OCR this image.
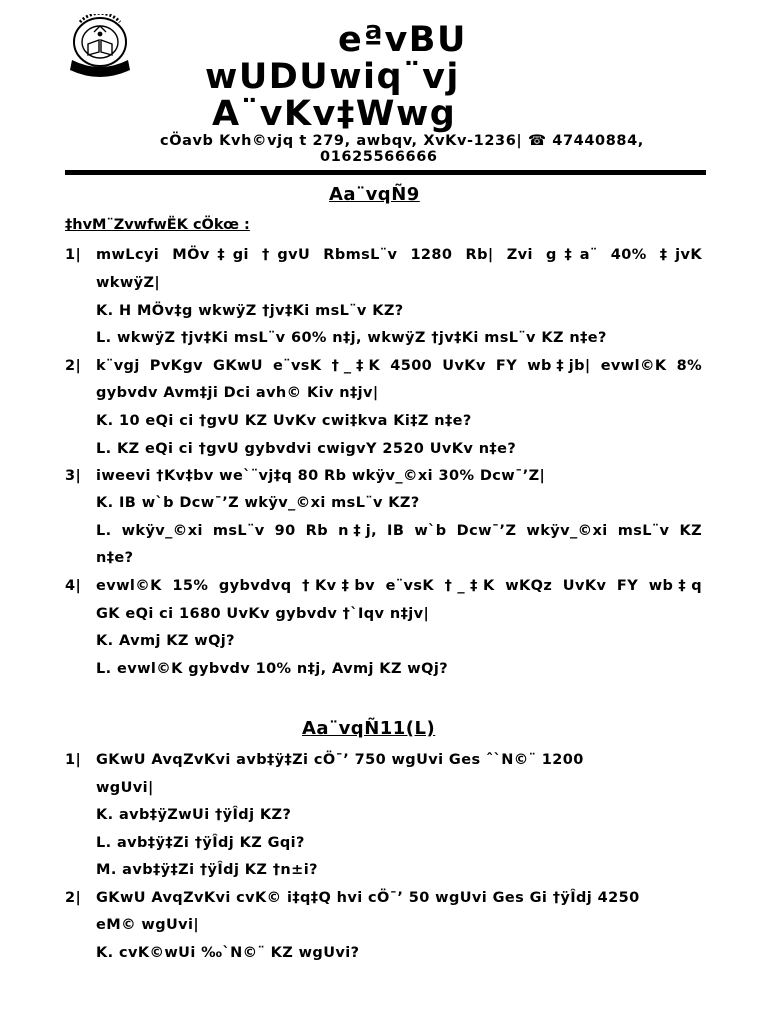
eªvBU
wUDUwiq¨vj
A¨vKv‡Wwg
cÖavb Kvh©vjq t 279, awbqv, XvKv-1236| ☎ 47440884,
01625566666
Aa¨vqÑ9
‡hvM¨ZvwfwËK cÖkœ :
1| mwLcyi MÖv‡gi †gvU RbmsL¨v 1280 Rb| Zvi g‡a¨ 40% ‡jvK
wkwÿZ|
K. H MÖv‡g wkwÿZ †jv‡Ki msL¨v KZ?
L. wkwÿZ †jv‡Ki msL¨v 60% n‡j, wkwÿZ †jv‡Ki msL¨v KZ n‡e?
2| k¨vgj PvKgv GKwU e¨vsK †_‡K 4500 UvKv FY wb‡jb| evwl©K 8%
gybvdv Avm‡ji Dci avh© Kiv n‡jv|
K. 10 eQi ci †gvU KZ UvKv cwi‡kva Ki‡Z n‡e?
L. KZ eQi ci †gvU gybvdvi cwigvY 2520 UvKv n‡e?
3| iweevi †Kv‡bv we`¨vj‡q 80 Rb wkÿv_©xi 30% Dcw¯’Z|
K. IB w`b Dcw¯’Z wkÿv_©xi msL¨v KZ?
L. wkÿv_©xi msL¨v 90 Rb n‡j, IB w`b Dcw¯’Z wkÿv_©xi msL¨v KZ
n‡e?
4| evwl©K 15% gybvdvq †Kv‡bv e¨vsK †_‡K wKQz UvKv FY wb‡q
GK eQi ci 1680 UvKv gybvdv †`Iqv n‡jv|
K. Avmj KZ wQj?
L. evwl©K gybvdv 10% n‡j, Avmj KZ wQj?
Aa¨vqÑ11(L)
1| GKwU AvqZvKvi avb‡ÿ‡Zi cÖ¯’ 750 wgUvi Ges ˆ`N©¨ 1200
wgUvi|
K. avb‡ÿZwUi †ÿÎdj KZ?
L. avb‡ÿ‡Zi †ÿÎdj KZ Gqi?
M. avb‡ÿ‡Zi †ÿÎdj KZ †n±i?
2| GKwU AvqZvKvi cvK© i‡q‡Q hvi cÖ¯’ 50 wgUvi Ges Gi †ÿÎdj 4250
eM© wgUvi|
K. cvK©wUi ‰`N©¨ KZ wgUvi?
